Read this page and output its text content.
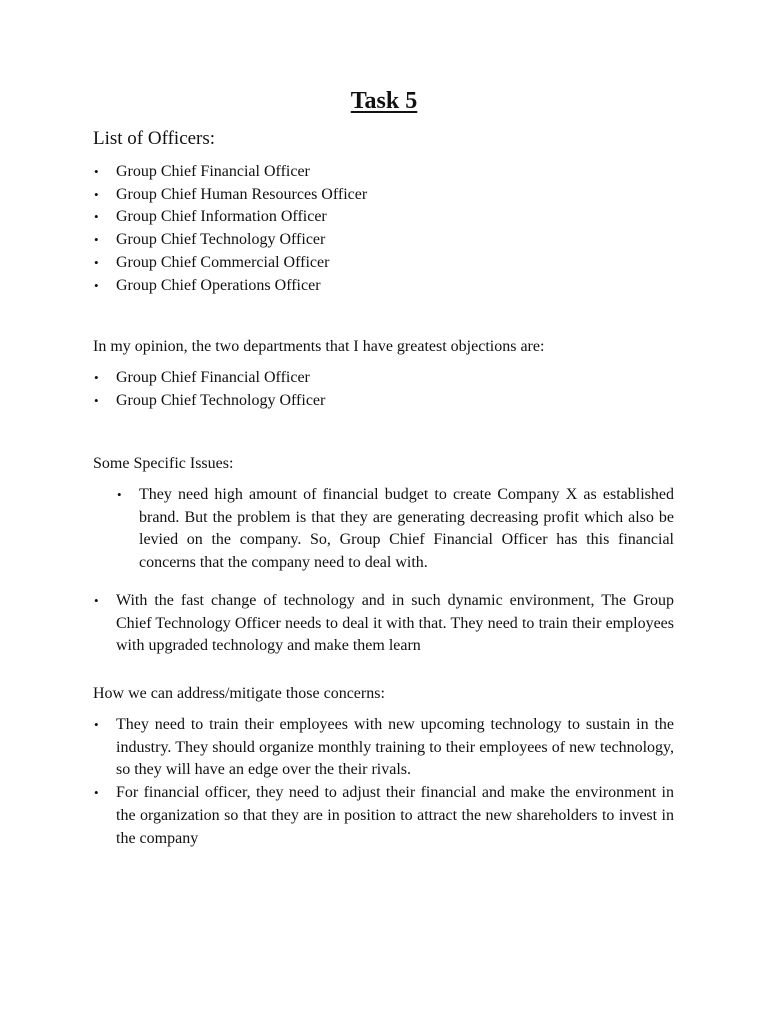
Task 5
List of Officers:
• Group Chief Financial Officer
• Group Chief Human Resources Officer
• Group Chief Information Officer
• Group Chief Technology Officer
• Group Chief Commercial Officer
• Group Chief Operations Officer
In my opinion, the two departments that I have greatest objections are:
• Group Chief Financial Officer
• Group Chief Technology Officer
Some Specific Issues:
• They need high amount of financial budget to create Company X as established brand. But the problem is that they are generating decreasing profit which also be levied on the company. So, Group Chief Financial Officer has this financial concerns that the company need to deal with.
• With the fast change of technology and in such dynamic environment, The Group Chief Technology Officer needs to deal it with that. They need to train their employees with upgraded technology and make them learn
How we can address/mitigate those concerns:
• They need to train their employees with new upcoming technology to sustain in the industry. They should organize monthly training to their employees of new technology, so they will have an edge over the their rivals.
• For financial officer, they need to adjust their financial and make the environment in the organization so that they are in position to attract the new shareholders to invest in the company
